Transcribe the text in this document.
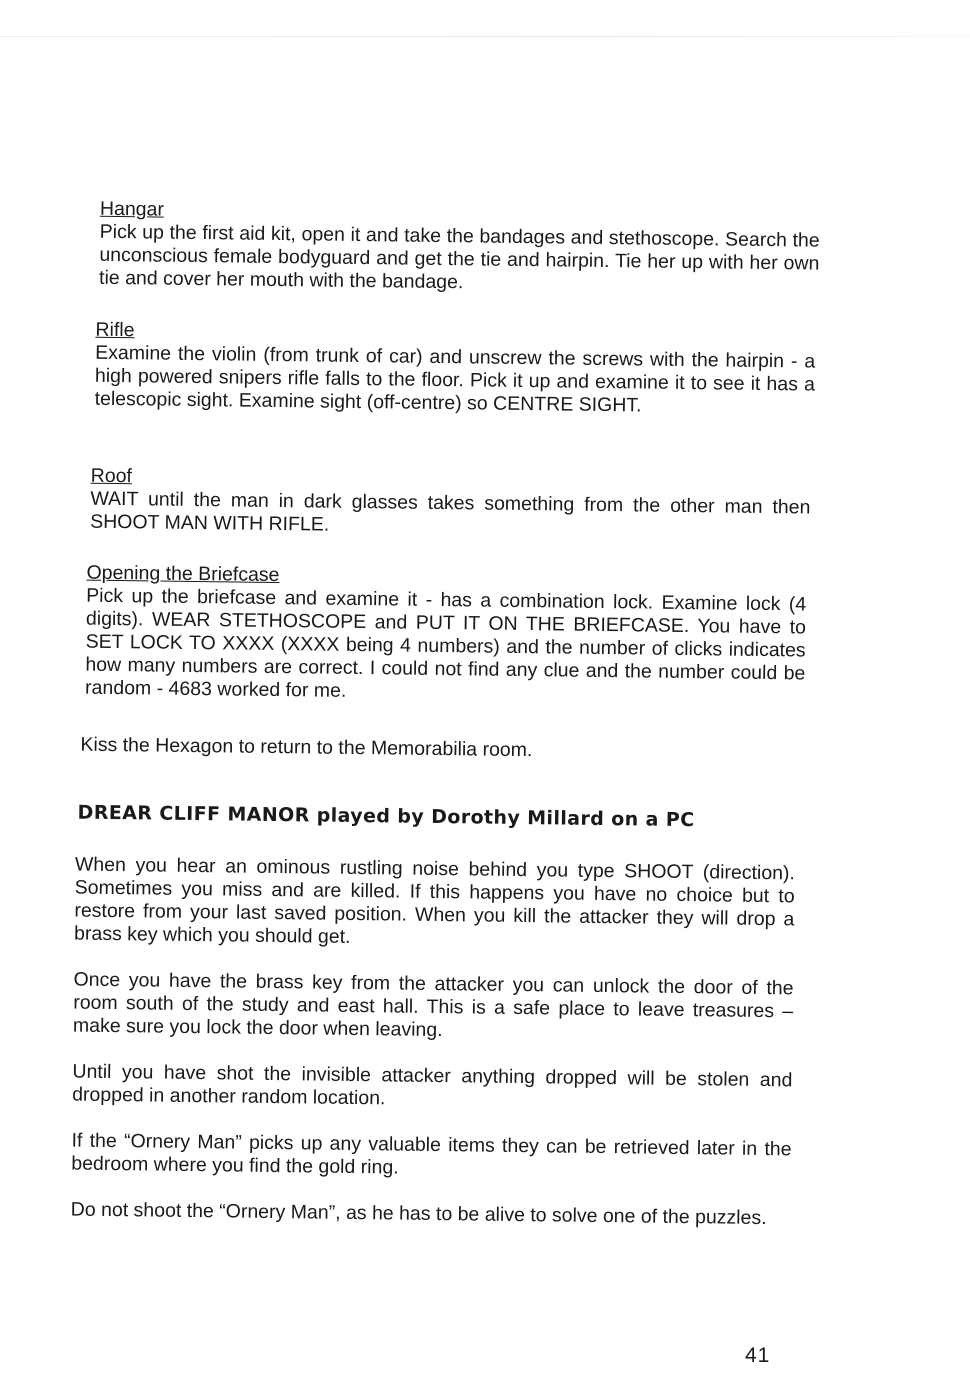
Hangar

Pick up the first aid kit, open it and take the bandages and stethoscope. Search the unconscious female bodyguard and get the tie and hairpin. Tie her up with her own tie and cover her mouth with the bandage.

Rifle

Examine the violin (from trunk of car) and unscrew the screws with the hairpin - a high powered snipers rifle falls to the floor. Pick it up and examine it to see it has a telescopic sight. Examine sight (off-centre) so CENTRE SIGHT.

Roof

WAIT until the man in dark glasses takes something from the other man then SHOOT MAN WITH RIFLE.

Opening the Briefcase

Pick up the briefcase and examine it - has a combination lock. Examine lock (4 digits). WEAR STETHOSCOPE and PUT IT ON THE BRIEFCASE. You have to SET LOCK TO XXXX (XXXX being 4 numbers) and the number of clicks indicates how many numbers are correct. I could not find any clue and the number could be random - 4683 worked for me.

Kiss the Hexagon to return to the Memorabilia room.

DREAR CLIFF MANOR played by Dorothy Millard on a PC

When you hear an ominous rustling noise behind you type SHOOT (direction). Sometimes you miss and are killed. If this happens you have no choice but to restore from your last saved position. When you kill the attacker they will drop a brass key which you should get.

Once you have the brass key from the attacker you can unlock the door of the room south of the study and east hall. This is a safe place to leave treasures – make sure you lock the door when leaving.

Until you have shot the invisible attacker anything dropped will be stolen and dropped in another random location.

If the “Ornery Man” picks up any valuable items they can be retrieved later in the bedroom where you find the gold ring.

Do not shoot the “Ornery Man”, as he has to be alive to solve one of the puzzles.

41
